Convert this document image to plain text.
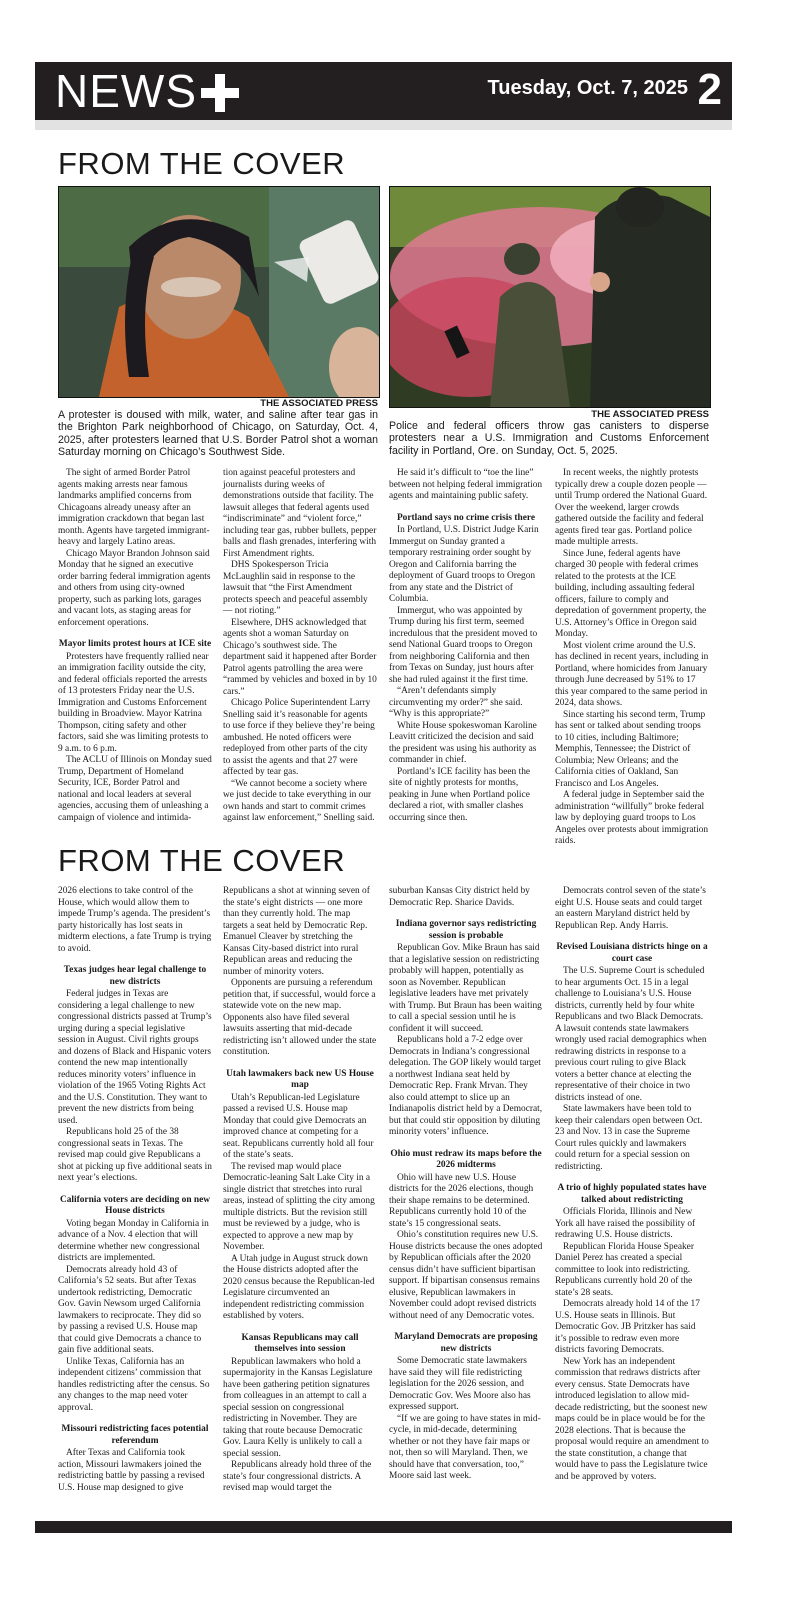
NEWS	Tuesday, Oct. 7, 2025 2
FROM THE COVER
THE ASSOCIATED PRESS

A protester is doused with milk, water, and saline after tear gas in the Brighton Park neighborhood of Chicago, on Saturday, Oct. 4, 2025, after protesters learned that U.S. Border Patrol shot a woman Saturday morning on Chicago’s Southwest Side.

THE ASSOCIATED PRESS

Police and federal officers throw gas canisters to disperse protesters near a U.S. Immigration and Customs Enforcement facility in Portland, Ore. on Sunday, Oct. 5, 2025.

The sight of armed Border Patrol agents making arrests near famous landmarks amplified concerns from Chicagoans already uneasy after an immigration crackdown that began last month. Agents have targeted immigrant-heavy and largely Latino areas.

Chicago Mayor Brandon Johnson said Monday that he signed an executive order barring federal immigration agents and others from using city-owned property, such as parking lots, garages and vacant lots, as staging areas for enforcement operations.

Mayor limits protest hours at ICE site

Protesters have frequently rallied near an immigration facility outside the city, and federal officials reported the arrests of 13 protesters Friday near the U.S. Immigration and Customs Enforcement building in Broadview. Mayor Katrina Thompson, citing safety and other factors, said she was limiting protests to 9 a.m. to 6 p.m.

The ACLU of Illinois on Monday sued Trump, Department of Homeland Security, ICE, Border Patrol and national and local leaders at several agencies, accusing them of unleashing a campaign of violence and intimida-

tion against peaceful protesters and journalists during weeks of demonstrations outside that facility. The lawsuit alleges that federal agents used “indiscriminate” and “violent force,” including tear gas, rubber bullets, pepper balls and flash grenades, interfering with First Amendment rights.

DHS Spokesperson Tricia McLaughlin said in response to the lawsuit that “the First Amendment protects speech and peaceful assembly — not rioting.”

Elsewhere, DHS acknowledged that agents shot a woman Saturday on Chicago’s southwest side. The department said it happened after Border Patrol agents patrolling the area were “rammed by vehicles and boxed in by 10 cars.”

Chicago Police Superintendent Larry Snelling said it’s reasonable for agents to use force if they believe they’re being ambushed. He noted officers were redeployed from other parts of the city to assist the agents and that 27 were affected by tear gas.

“We cannot become a society where we just decide to take everything in our own hands and start to commit crimes against law enforcement,” Snelling said.

He said it’s difficult to “toe the line” between not helping federal immigration agents and maintaining public safety.

Portland says no crime crisis there

In Portland, U.S. District Judge Karin Immergut on Sunday granted a temporary restraining order sought by Oregon and California barring the deployment of Guard troops to Oregon from any state and the District of Columbia.

Immergut, who was appointed by Trump during his first term, seemed incredulous that the president moved to send National Guard troops to Oregon from neighboring California and then from Texas on Sunday, just hours after she had ruled against it the first time.

“Aren’t defendants simply circumventing my order?” she said. “Why is this appropriate?”

White House spokeswoman Karoline Leavitt criticized the decision and said the president was using his authority as commander in chief.

Portland’s ICE facility has been the site of nightly protests for months, peaking in June when Portland police declared a riot, with smaller clashes occurring since then.

In recent weeks, the nightly protests typically drew a couple dozen people — until Trump ordered the National Guard. Over the weekend, larger crowds gathered outside the facility and federal agents fired tear gas. Portland police made multiple arrests.

Since June, federal agents have charged 30 people with federal crimes related to the protests at the ICE building, including assaulting federal officers, failure to comply and depredation of government property, the U.S. Attorney’s Office in Oregon said Monday.

Most violent crime around the U.S. has declined in recent years, including in Portland, where homicides from January through June decreased by 51% to 17 this year compared to the same period in 2024, data shows.

Since starting his second term, Trump has sent or talked about sending troops to 10 cities, including Baltimore; Memphis, Tennessee; the District of Columbia; New Orleans; and the California cities of Oakland, San Francisco and Los Angeles.

A federal judge in September said the administration “willfully” broke federal law by deploying guard troops to Los Angeles over protests about immigration raids.

FROM THE COVER

2026 elections to take control of the House, which would allow them to impede Trump’s agenda. The president’s party historically has lost seats in midterm elections, a fate Trump is trying to avoid.

Texas judges hear legal challenge to new districts

Federal judges in Texas are considering a legal challenge to new congressional districts passed at Trump’s urging during a special legislative session in August. Civil rights groups and dozens of Black and Hispanic voters contend the new map intentionally reduces minority voters’ influence in violation of the 1965 Voting Rights Act and the U.S. Constitution. They want to prevent the new districts from being used.

Republicans hold 25 of the 38 congressional seats in Texas. The revised map could give Republicans a shot at picking up five additional seats in next year’s elections.

California voters are deciding on new House districts

Voting began Monday in California in advance of a Nov. 4 election that will determine whether new congressional districts are implemented.

Democrats already hold 43 of California’s 52 seats. But after Texas undertook redistricting, Democratic Gov. Gavin Newsom urged California lawmakers to reciprocate. They did so by passing a revised U.S. House map that could give Democrats a chance to gain five additional seats.

Unlike Texas, California has an independent citizens’ commission that handles redistricting after the census. So any changes to the map need voter approval.

Missouri redistricting faces potential referendum

After Texas and California took action, Missouri lawmakers joined the redistricting battle by passing a revised U.S. House map designed to give

Republicans a shot at winning seven of the state’s eight districts — one more than they currently hold. The map targets a seat held by Democratic Rep. Emanuel Cleaver by stretching the Kansas City-based district into rural Republican areas and reducing the number of minority voters.

Opponents are pursuing a referendum petition that, if successful, would force a statewide vote on the new map. Opponents also have filed several lawsuits asserting that mid-decade redistricting isn’t allowed under the state constitution.

Utah lawmakers back new US House map

Utah’s Republican-led Legislature passed a revised U.S. House map Monday that could give Democrats an improved chance at competing for a seat. Republicans currently hold all four of the state’s seats.

The revised map would place Democratic-leaning Salt Lake City in a single district that stretches into rural areas, instead of splitting the city among multiple districts. But the revision still must be reviewed by a judge, who is expected to approve a new map by November.

A Utah judge in August struck down the House districts adopted after the 2020 census because the Republican-led Legislature circumvented an independent redistricting commission established by voters.

Kansas Republicans may call themselves into session

Republican lawmakers who hold a supermajority in the Kansas Legislature have been gathering petition signatures from colleagues in an attempt to call a special session on congressional redistricting in November. They are taking that route because Democratic Gov. Laura Kelly is unlikely to call a special session.

Republicans already hold three of the state’s four congressional districts. A revised map would target the

suburban Kansas City district held by Democratic Rep. Sharice Davids.

Indiana governor says redistricting session is probable

Republican Gov. Mike Braun has said that a legislative session on redistricting probably will happen, potentially as soon as November. Republican legislative leaders have met privately with Trump. But Braun has been waiting to call a special session until he is confident it will succeed.

Republicans hold a 7-2 edge over Democrats in Indiana’s congressional delegation. The GOP likely would target a northwest Indiana seat held by Democratic Rep. Frank Mrvan. They also could attempt to slice up an Indianapolis district held by a Democrat, but that could stir opposition by diluting minority voters’ influence.

Ohio must redraw its maps before the 2026 midterms

Ohio will have new U.S. House districts for the 2026 elections, though their shape remains to be determined. Republicans currently hold 10 of the state’s 15 congressional seats.

Ohio’s constitution requires new U.S. House districts because the ones adopted by Republican officials after the 2020 census didn’t have sufficient bipartisan support. If bipartisan consensus remains elusive, Republican lawmakers in November could adopt revised districts without need of any Democratic votes.

Maryland Democrats are proposing new districts

Some Democratic state lawmakers have said they will file redistricting legislation for the 2026 session, and Democratic Gov. Wes Moore also has expressed support.

“If we are going to have states in mid-cycle, in mid-decade, determining whether or not they have fair maps or not, then so will Maryland. Then, we should have that conversation, too,” Moore said last week.

Democrats control seven of the state’s eight U.S. House seats and could target an eastern Maryland district held by Republican Rep. Andy Harris.

Revised Louisiana districts hinge on a court case

The U.S. Supreme Court is scheduled to hear arguments Oct. 15 in a legal challenge to Louisiana’s U.S. House districts, currently held by four white Republicans and two Black Democrats. A lawsuit contends state lawmakers wrongly used racial demographics when redrawing districts in response to a previous court ruling to give Black voters a better chance at electing the representative of their choice in two districts instead of one.

State lawmakers have been told to keep their calendars open between Oct. 23 and Nov. 13 in case the Supreme Court rules quickly and lawmakers could return for a special session on redistricting.

A trio of highly populated states have talked about redistricting

Officials Florida, Illinois and New York all have raised the possibility of redrawing U.S. House districts.

Republican Florida House Speaker Daniel Perez has created a special committee to look into redistricting. Republicans currently hold 20 of the state’s 28 seats.

Democrats already hold 14 of the 17 U.S. House seats in Illinois. But Democratic Gov. JB Pritzker has said it’s possible to redraw even more districts favoring Democrats.

New York has an independent commission that redraws districts after every census. State Democrats have introduced legislation to allow mid-decade redistricting, but the soonest new maps could be in place would be for the 2028 elections. That is because the proposal would require an amendment to the state constitution, a change that would have to pass the Legislature twice and be approved by voters.
